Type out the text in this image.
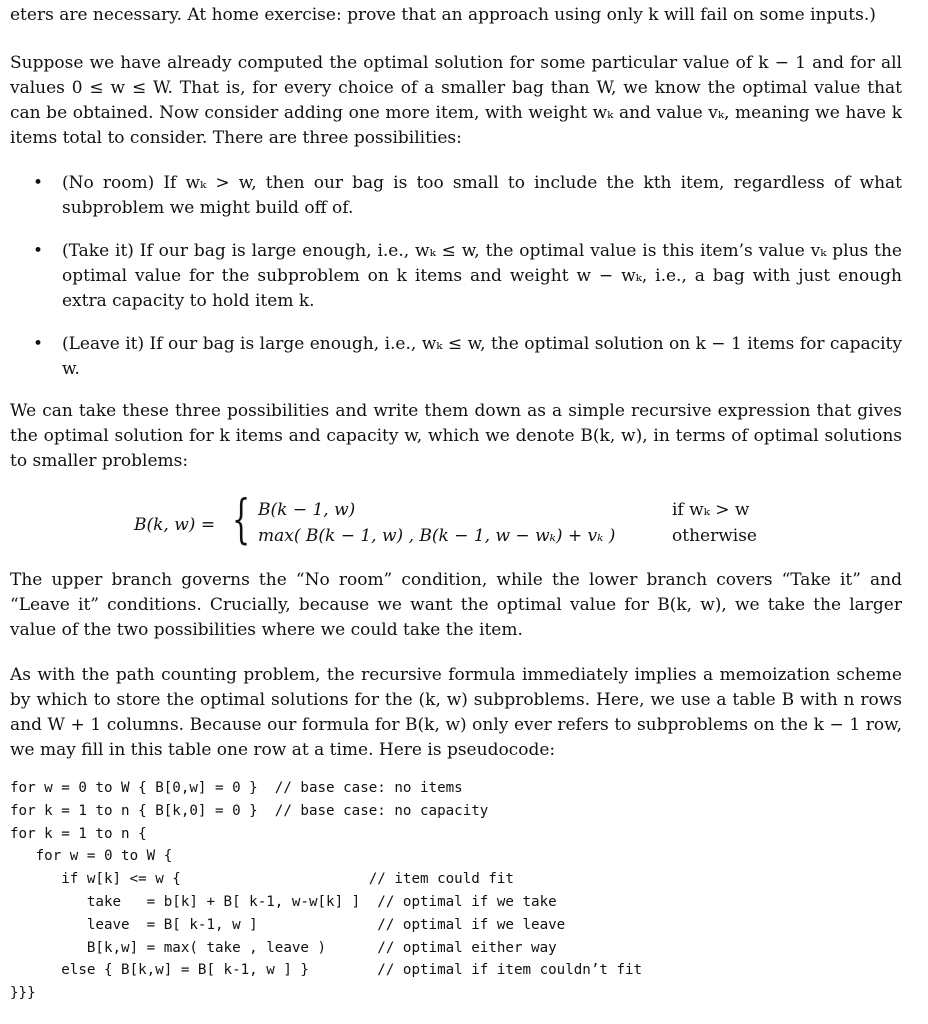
eters are necessary. At home exercise: prove that an approach using only k will fail on some inputs.)

Suppose we have already computed the optimal solution for some particular value of k − 1 and for all values 0 ≤ w ≤ W. That is, for every choice of a smaller bag than W, we know the optimal value that can be obtained. Now consider adding one more item, with weight wₖ and value vₖ, meaning we have k items total to consider. There are three possibilities:

• (No room) If wₖ > w, then our bag is too small to include the kth item, regardless of what subproblem we might build off of.
• (Take it) If our bag is large enough, i.e., wₖ ≤ w, the optimal value is this item’s value vₖ plus the optimal value for the subproblem on k items and weight w − wₖ, i.e., a bag with just enough extra capacity to hold item k.
• (Leave it) If our bag is large enough, i.e., wₖ ≤ w, the optimal solution on k − 1 items for capacity w.

We can take these three possibilities and write them down as a simple recursive expression that gives the optimal solution for k items and capacity w, which we denote B(k, w), in terms of optimal solutions to smaller problems:

B(k, w) = { B(k − 1, w)
max( B(k − 1, w) , B(k − 1, w − wₖ) + vₖ )
if wₖ > w
otherwise

The upper branch governs the “No room” condition, while the lower branch covers “Take it” and “Leave it” conditions. Crucially, because we want the optimal value for B(k, w), we take the larger value of the two possibilities where we could take the item.

As with the path counting problem, the recursive formula immediately implies a memoization scheme by which to store the optimal solutions for the (k, w) subproblems. Here, we use a table B with n rows and W + 1 columns. Because our formula for B(k, w) only ever refers to subproblems on the k − 1 row, we may fill in this table one row at a time. Here is pseudocode:

for w = 0 to W { B[0,w] = 0 }  // base case: no items
for k = 1 to n { B[k,0] = 0 }  // base case: no capacity
for k = 1 to n {
for w = 0 to W {
if w[k] <= w {                      // item could fit
take   = b[k] + B[ k-1, w-w[k] ]  // optimal if we take
leave  = B[ k-1, w ]              // optimal if we leave
B[k,w] = max( take , leave )      // optimal either way
else { B[k,w] = B[ k-1, w ] }        // optimal if item couldn’t fit
}}}
